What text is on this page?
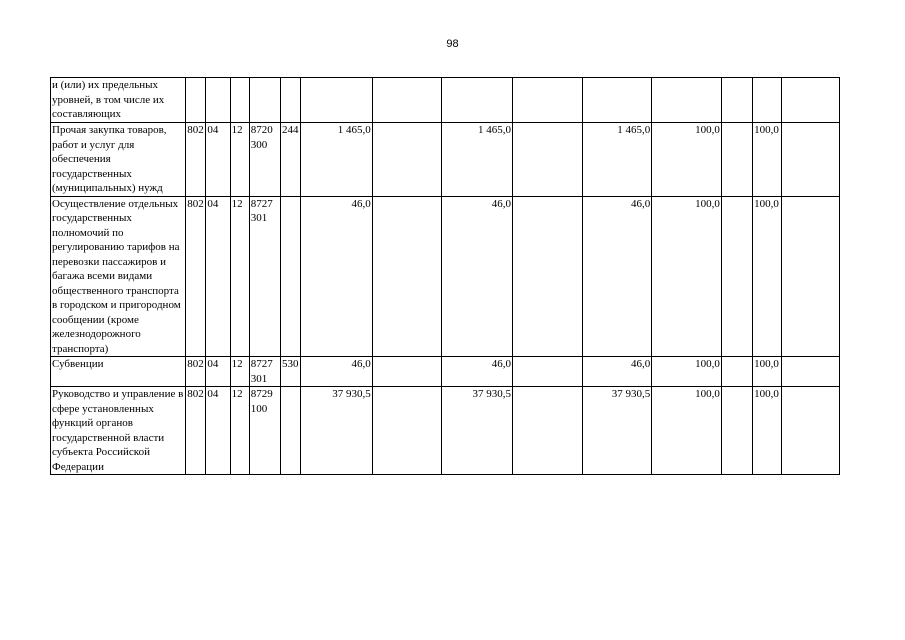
98
и (или) их предельных уровней, в том числе их составляющих														
Прочая закупка товаров, работ и услуг для обеспечения государственных (муниципальных) нужд	802	04	12	8720 300	244	1 465,0		1 465,0		1 465,0	100,0		100,0	
Осуществление отдельных государственных полномочий по регулированию тарифов на перевозки пассажиров и багажа всеми видами общественного транспорта в городском и пригородном сообщении (кроме железнодорожного транспорта)	802	04	12	8727 301		46,0		46,0		46,0	100,0		100,0	
Субвенции	802	04	12	8727 301	530	46,0		46,0		46,0	100,0		100,0	
Руководство и управление в сфере установленных функций органов государственной власти субъекта Российской Федерации	802	04	12	8729 100		37 930,5		37 930,5		37 930,5	100,0		100,0	
